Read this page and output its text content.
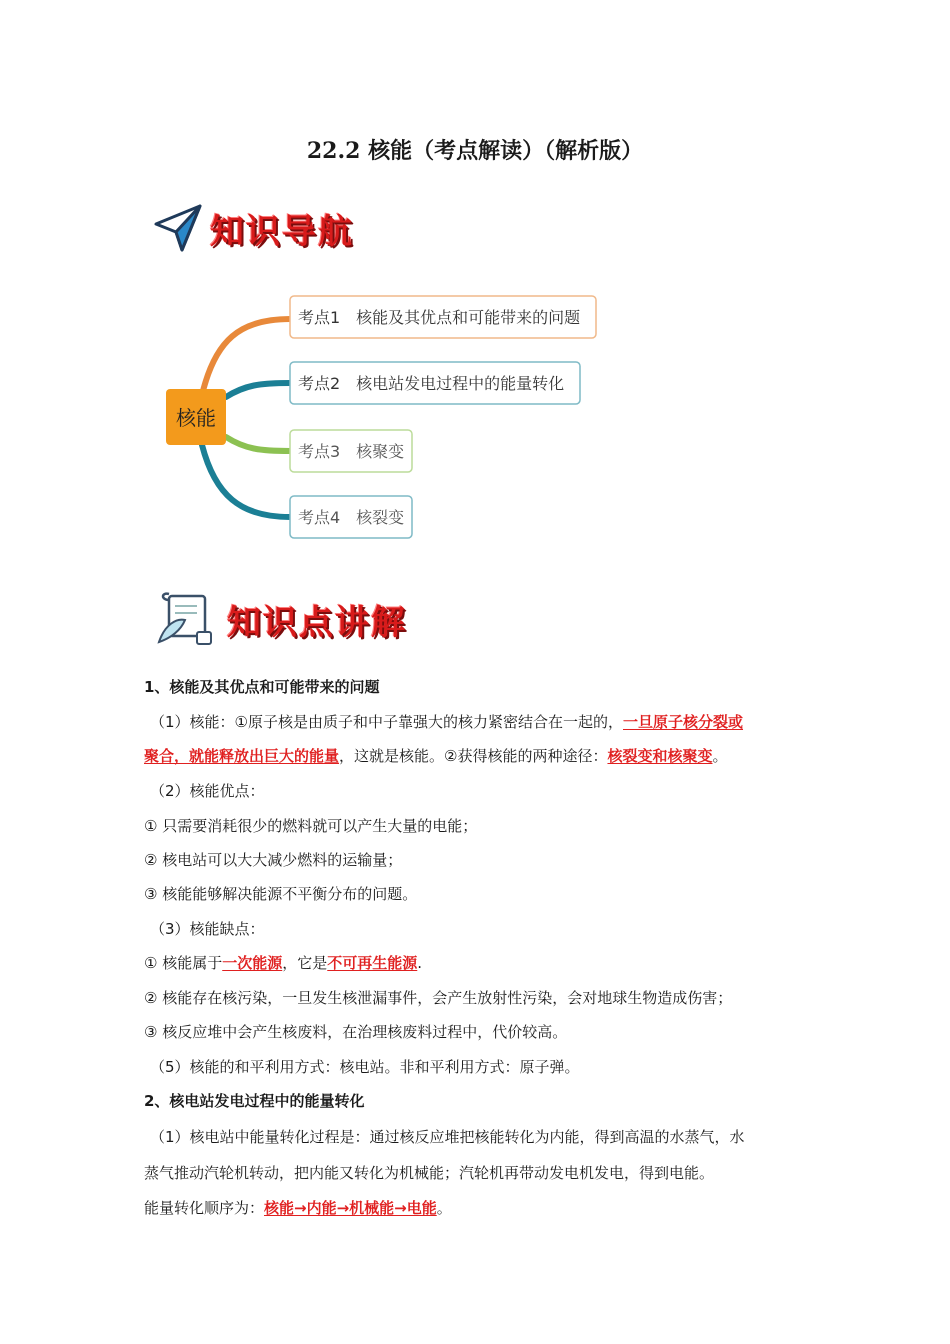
22.2 核能（考点解读）（解析版）
知识导航
核能
考点1　核能及其优点和可能带来的问题
考点2　核电站发电过程中的能量转化
考点3　核聚变
考点4　核裂变
知识点讲解
1、核能及其优点和可能带来的问题
（1）核能：①原子核是由质子和中子靠强大的核力紧密结合在一起的，一旦原子核分裂或
聚合，就能释放出巨大的能量，这就是核能。②获得核能的两种途径：核裂变和核聚变。
（2）核能优点：
① 只需要消耗很少的燃料就可以产生大量的电能；
② 核电站可以大大减少燃料的运输量；
③ 核能能够解决能源不平衡分布的问题。
（3）核能缺点：
① 核能属于一次能源，它是不可再生能源.
② 核能存在核污染，一旦发生核泄漏事件，会产生放射性污染，会对地球生物造成伤害；
③ 核反应堆中会产生核废料，在治理核废料过程中，代价较高。
（5）核能的和平利用方式：核电站。非和平利用方式：原子弹。
2、核电站发电过程中的能量转化
（1）核电站中能量转化过程是：通过核反应堆把核能转化为内能，得到高温的水蒸气，水
蒸气推动汽轮机转动，把内能又转化为机械能；汽轮机再带动发电机发电，得到电能。
能量转化顺序为：核能→内能→机械能→电能。
